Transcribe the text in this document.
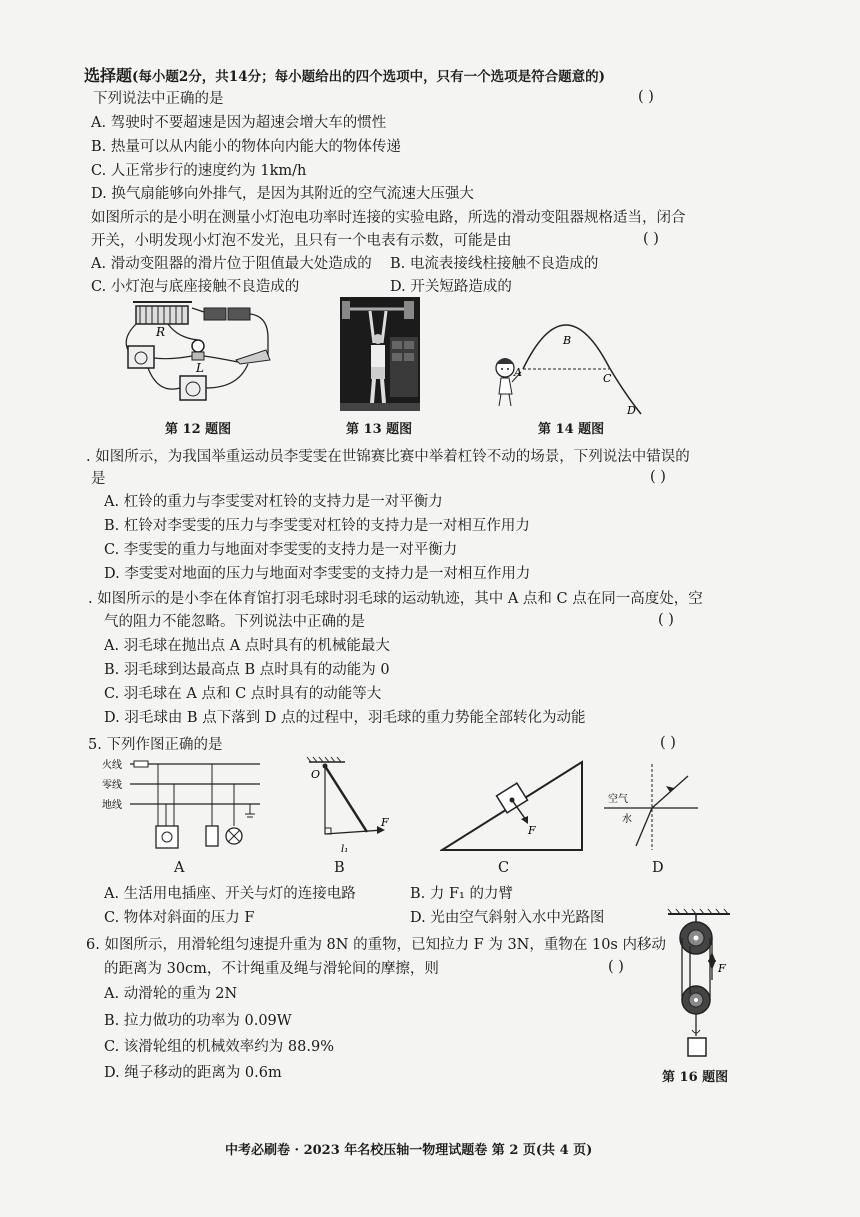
选择题(每小题2分，共14分；每小题给出的四个选项中，只有一个选项是符合题意的)
下列说法中正确的是	( )
A. 驾驶时不要超速是因为超速会增大车的惯性
B. 热量可以从内能小的物体向内能大的物体传递
C. 人正常步行的速度约为 1km/h
D. 换气扇能够向外排气，是因为其附近的空气流速大压强大
如图所示的是小明在测量小灯泡电功率时连接的实验电路，所选的滑动变阻器规格适当，闭合
开关，小明发现小灯泡不发光，且只有一个电表有示数，可能是由	( )
A. 滑动变阻器的滑片位于阻值最大处造成的 B. 电流表接线柱接触不良造成的
C. 小灯泡与底座接触不良造成的	D. 开关短路造成的
R
L
第 12 题图	第 13 题图
A
B
C
D
第 14 题图
. 如图所示，为我国举重运动员李雯雯在世锦赛比赛中举着杠铃不动的场景，下列说法中错误的
是	( )
A. 杠铃的重力与李雯雯对杠铃的支持力是一对平衡力
B. 杠铃对李雯雯的压力与李雯雯对杠铃的支持力是一对相互作用力
C. 李雯雯的重力与地面对李雯雯的支持力是一对平衡力
D. 李雯雯对地面的压力与地面对李雯雯的支持力是一对相互作用力
. 如图所示的是小李在体育馆打羽毛球时羽毛球的运动轨迹，其中 A 点和 C 点在同一高度处，空
气的阻力不能忽略。下列说法中正确的是	( )
A. 羽毛球在抛出点 A 点时具有的机械能最大
B. 羽毛球到达最高点 B 点时具有的动能为 0
C. 羽毛球在 A 点和 C 点时具有的动能等大
D. 羽毛球由 B 点下落到 D 点的过程中，羽毛球的重力势能全部转化为动能
5. 下列作图正确的是	( )
火线
零线
地线
A
O
F
l₁
B
F
C
空气
水
D
A. 生活用电插座、开关与灯的连接电路	B. 力 F₁ 的力臂
C. 物体对斜面的压力 F	D. 光由空气斜射入水中光路图
6. 如图所示，用滑轮组匀速提升重为 8N 的重物，已知拉力 F 为 3N，重物在 10s 内移动
的距离为 30cm，不计绳重及绳与滑轮间的摩擦，则	( )
A. 动滑轮的重为 2N
B. 拉力做功的功率为 0.09W
C. 该滑轮组的机械效率约为 88.9%
D. 绳子移动的距离为 0.6m
F
第 16 题图
中考必刷卷 · 2023 年名校压轴一物理试题卷 第 2 页(共 4 页)
